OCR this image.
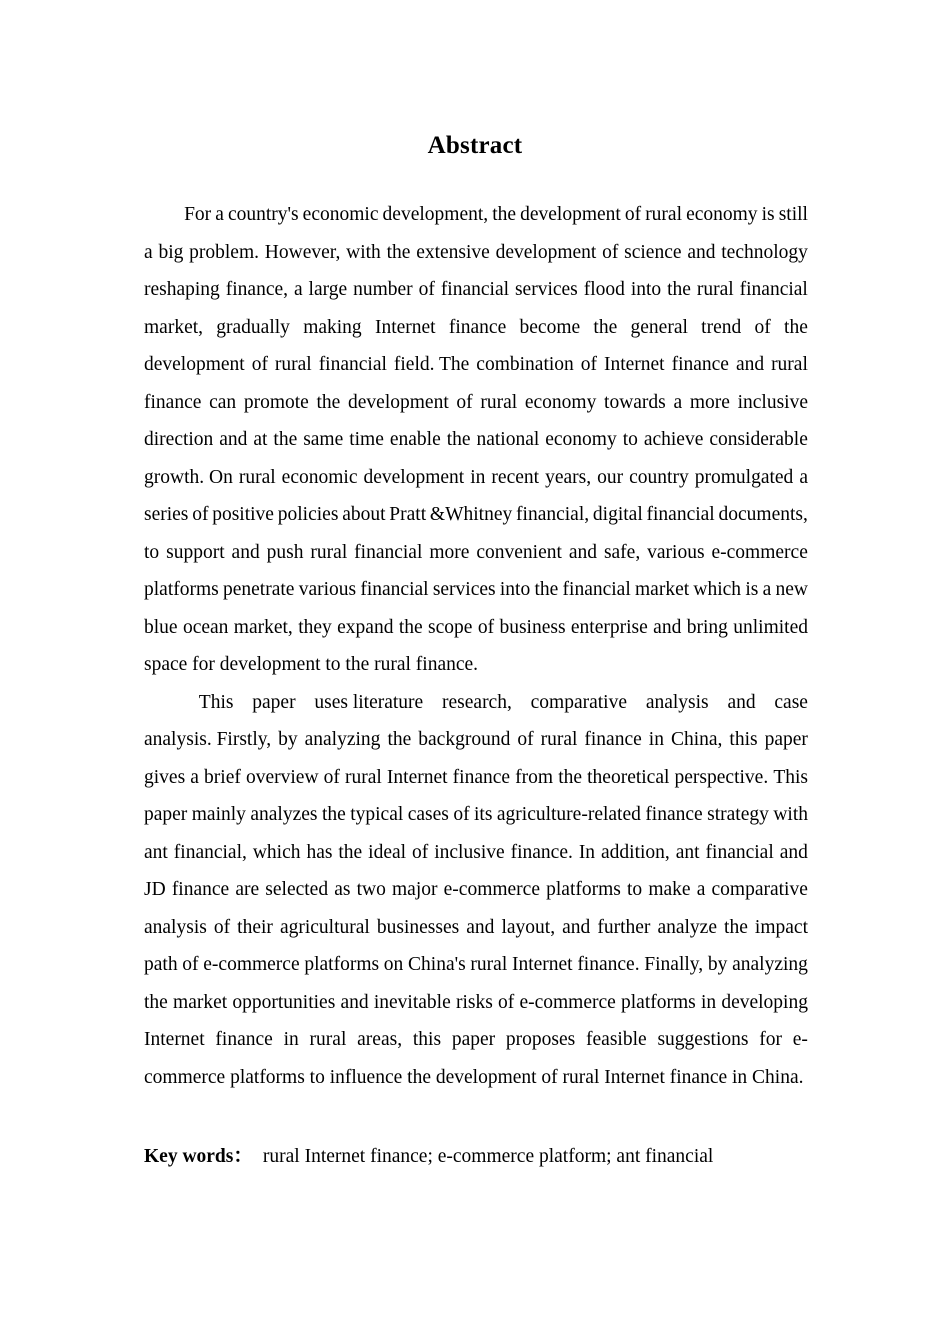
Abstract
For a country's economic development, the development of rural economy is still
a big problem. However, with the extensive development of science and technology
reshaping finance, a large number of financial services flood into the rural financial
market, gradually making Internet finance become the general trend of the
development of rural financial field. The combination of Internet finance and rural
finance can promote the development of rural economy towards a more inclusive
direction and at the same time enable the national economy to achieve considerable
growth. On rural economic development in recent years, our country promulgated a
series of positive policies about Pratt &Whitney financial, digital financial documents,
to support and push rural financial more convenient and safe, various e-commerce
platforms penetrate various financial services into the financial market which is a new
blue ocean market, they expand the scope of business enterprise and bring unlimited
space for development to the rural finance.
This paper uses literature research, comparative analysis and case
analysis. Firstly, by analyzing the background of rural finance in China, this paper
gives a brief overview of rural Internet finance from the theoretical perspective. This
paper mainly analyzes the typical cases of its agriculture-related finance strategy with
ant financial, which has the ideal of inclusive finance. In addition, ant financial and
JD finance are selected as two major e-commerce platforms to make a comparative
analysis of their agricultural businesses and layout, and further analyze the impact
path of e-commerce platforms on China's rural Internet finance. Finally, by analyzing
the market opportunities and inevitable risks of e-commerce platforms in developing
Internet finance in rural areas, this paper proposes feasible suggestions for e-
commerce platforms to influence the development of rural Internet finance in China.
Key words： rural Internet finance; e-commerce platform; ant financial
